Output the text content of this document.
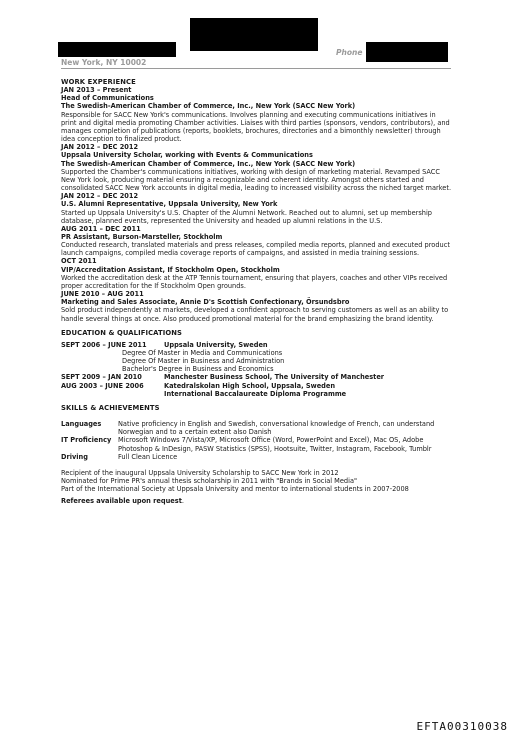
New York, NY 10002
Phone
WORK EXPERIENCE
JAN 2013 – Present
Head of Communications
The Swedish-American Chamber of Commerce, Inc., New York (SACC New York)
Responsible for SACC New York's communications. Involves planning and executing communications initiatives in print and digital media promoting Chamber activities. Liaises with third parties (sponsors, vendors, contributors), and manages completion of publications (reports, booklets, brochures, directories and a bimonthly newsletter) through idea conception to finalized product.
JAN 2012 – DEC 2012
Uppsala University Scholar, working with Events & Communications
The Swedish-American Chamber of Commerce, Inc., New York (SACC New York)
Supported the Chamber's communications initiatives, working with design of marketing material. Revamped SACC New York look, producing material ensuring a recognizable and coherent identity. Amongst others started and consolidated SACC New York accounts in digital media, leading to increased visibility across the niched target market.
JAN 2012 – DEC 2012
U.S. Alumni Representative, Uppsala University, New York
Started up Uppsala University's U.S. Chapter of the Alumni Network. Reached out to alumni, set up membership database, planned events, represented the University and headed up alumni relations in the U.S.
AUG 2011 – DEC 2011
PR Assistant, Burson-Marsteller, Stockholm
Conducted research, translated materials and press releases, compiled media reports, planned and executed product launch campaigns, compiled media coverage reports of campaigns, and assisted in media training sessions.
OCT 2011
VIP/Accreditation Assistant, If Stockholm Open, Stockholm
Worked the accreditation desk at the ATP Tennis tournament, ensuring that players, coaches and other VIPs received proper accreditation for the If Stockholm Open grounds.
JUNE 2010 – AUG 2011
Marketing and Sales Associate, Annie D's Scottish Confectionary, Örsundsbro
Sold product independently at markets, developed a confident approach to serving customers as well as an ability to handle several things at once. Also produced promotional material for the brand emphasizing the brand identity.
EDUCATION & QUALIFICATIONS
SEPT 2006 – JUNE 2011	Uppsala University, Sweden
Degree Of Master in Media and Communications
Degree Of Master in Business and Administration
Bachelor's Degree in Business and Economics
SEPT 2009 – JAN 2010	Manchester Business School, The University of Manchester
AUG 2003 – JUNE 2006	Katedralskolan High School, Uppsala, Sweden
International Baccalaureate Diploma Programme
SKILLS & ACHIEVEMENTS
Languages	Native proficiency in English and Swedish, conversational knowledge of French, can understand Norwegian and to a certain extent also Danish
IT Proficiency	Microsoft Windows 7/Vista/XP, Microsoft Office (Word, PowerPoint and Excel), Mac OS, Adobe Photoshop & InDesign, PASW Statistics (SPSS), Hootsuite, Twitter, Instagram, Facebook, Tumblr
Driving	Full Clean Licence
Recipient of the inaugural Uppsala University Scholarship to SACC New York in 2012
Nominated for Prime PR's annual thesis scholarship in 2011 with "Brands in Social Media"
Part of the International Society at Uppsala University and mentor to international students in 2007-2008
Referees available upon request.
EFTA00310038
